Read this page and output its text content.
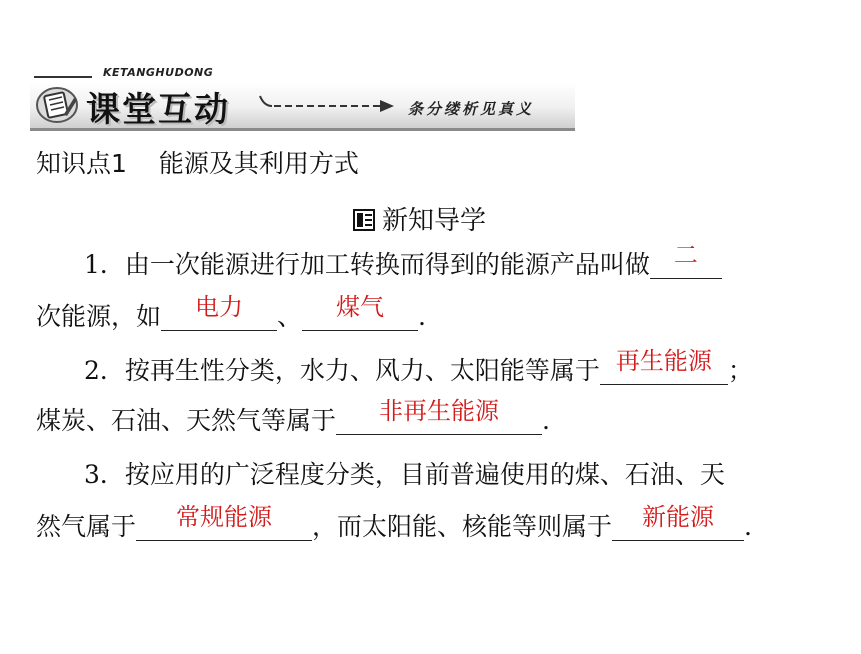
KETANGHUDONG
课堂互动	条分缕析见真义
知识点1 能源及其利用方式
新知导学
1．由一次能源进行加工转换而得到的能源产品叫做 二
次能源，如 电力 、 煤气 .
2．按再生性分类，水力、风力、太阳能等属于 再生能源 ；
煤炭、石油、天然气等属于 非再生能源 .
3．按应用的广泛程度分类，目前普遍使用的煤、石油、天
然气属于 常规能源 ，而太阳能、核能等则属于 新能源 .
